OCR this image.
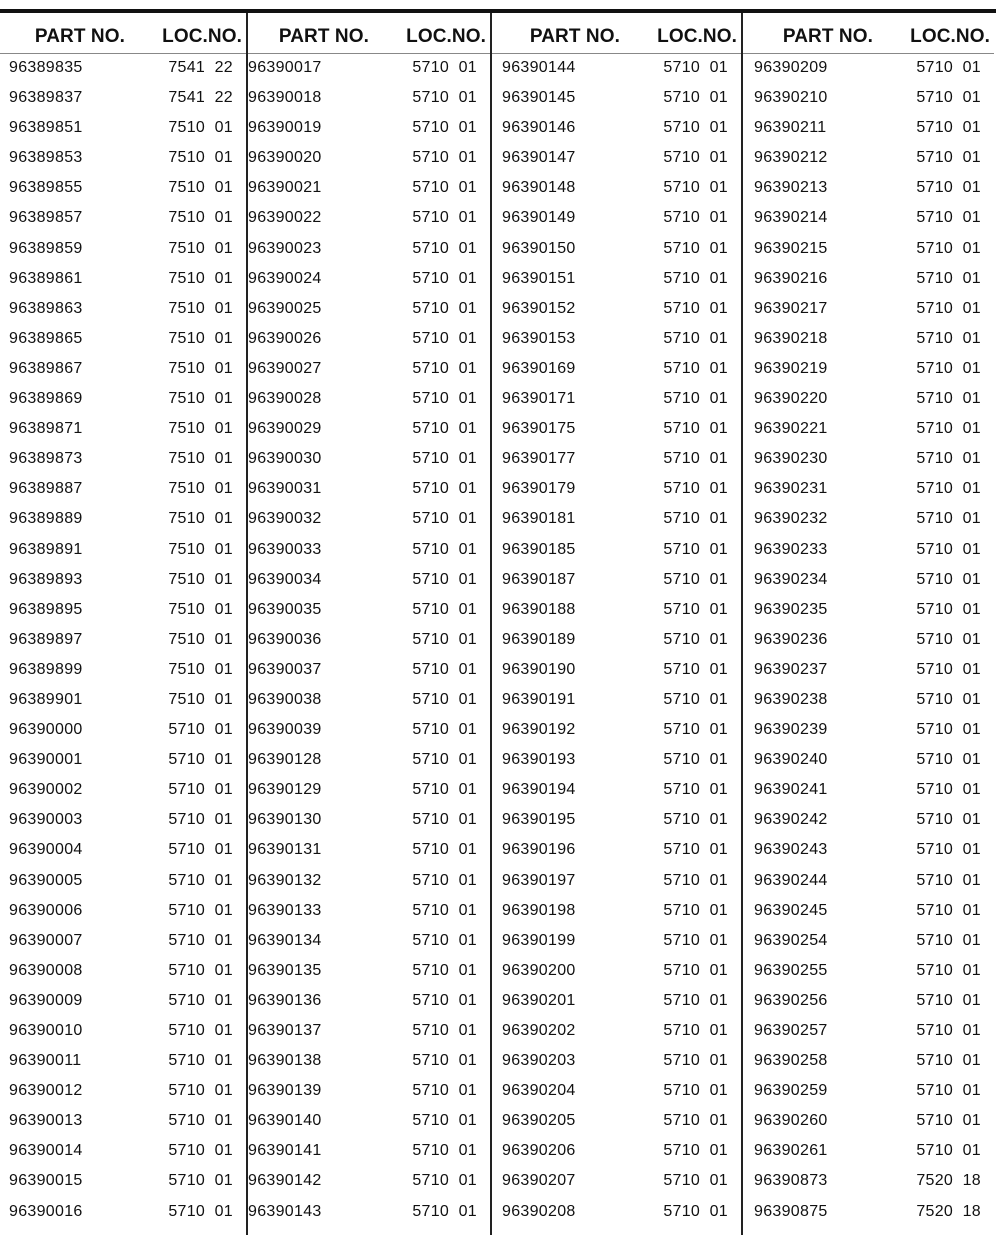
PART NO. LOC.NO.
96389835	7541  22
96389837	7541  22
96389851	7510  01
96389853	7510  01
96389855	7510  01
96389857	7510  01
96389859	7510  01
96389861	7510  01
96389863	7510  01
96389865	7510  01
96389867	7510  01
96389869	7510  01
96389871	7510  01
96389873	7510  01
96389887	7510  01
96389889	7510  01
96389891	7510  01
96389893	7510  01
96389895	7510  01
96389897	7510  01
96389899	7510  01
96389901	7510  01
96390000	5710  01
96390001	5710  01
96390002	5710  01
96390003	5710  01
96390004	5710  01
96390005	5710  01
96390006	5710  01
96390007	5710  01
96390008	5710  01
96390009	5710  01
96390010	5710  01
96390011	5710  01
96390012	5710  01
96390013	5710  01
96390014	5710  01
96390015	5710  01
96390016	5710  01
PART NO. LOC.NO.
96390017	5710  01
96390018	5710  01
96390019	5710  01
96390020	5710  01
96390021	5710  01
96390022	5710  01
96390023	5710  01
96390024	5710  01
96390025	5710  01
96390026	5710  01
96390027	5710  01
96390028	5710  01
96390029	5710  01
96390030	5710  01
96390031	5710  01
96390032	5710  01
96390033	5710  01
96390034	5710  01
96390035	5710  01
96390036	5710  01
96390037	5710  01
96390038	5710  01
96390039	5710  01
96390128	5710  01
96390129	5710  01
96390130	5710  01
96390131	5710  01
96390132	5710  01
96390133	5710  01
96390134	5710  01
96390135	5710  01
96390136	5710  01
96390137	5710  01
96390138	5710  01
96390139	5710  01
96390140	5710  01
96390141	5710  01
96390142	5710  01
96390143	5710  01
PART NO. LOC.NO.
96390144	5710  01
96390145	5710  01
96390146	5710  01
96390147	5710  01
96390148	5710  01
96390149	5710  01
96390150	5710  01
96390151	5710  01
96390152	5710  01
96390153	5710  01
96390169	5710  01
96390171	5710  01
96390175	5710  01
96390177	5710  01
96390179	5710  01
96390181	5710  01
96390185	5710  01
96390187	5710  01
96390188	5710  01
96390189	5710  01
96390190	5710  01
96390191	5710  01
96390192	5710  01
96390193	5710  01
96390194	5710  01
96390195	5710  01
96390196	5710  01
96390197	5710  01
96390198	5710  01
96390199	5710  01
96390200	5710  01
96390201	5710  01
96390202	5710  01
96390203	5710  01
96390204	5710  01
96390205	5710  01
96390206	5710  01
96390207	5710  01
96390208	5710  01
PART NO. LOC.NO.
96390209	5710  01
96390210	5710  01
96390211	5710  01
96390212	5710  01
96390213	5710  01
96390214	5710  01
96390215	5710  01
96390216	5710  01
96390217	5710  01
96390218	5710  01
96390219	5710  01
96390220	5710  01
96390221	5710  01
96390230	5710  01
96390231	5710  01
96390232	5710  01
96390233	5710  01
96390234	5710  01
96390235	5710  01
96390236	5710  01
96390237	5710  01
96390238	5710  01
96390239	5710  01
96390240	5710  01
96390241	5710  01
96390242	5710  01
96390243	5710  01
96390244	5710  01
96390245	5710  01
96390254	5710  01
96390255	5710  01
96390256	5710  01
96390257	5710  01
96390258	5710  01
96390259	5710  01
96390260	5710  01
96390261	5710  01
96390873	7520  18
96390875	7520  18
